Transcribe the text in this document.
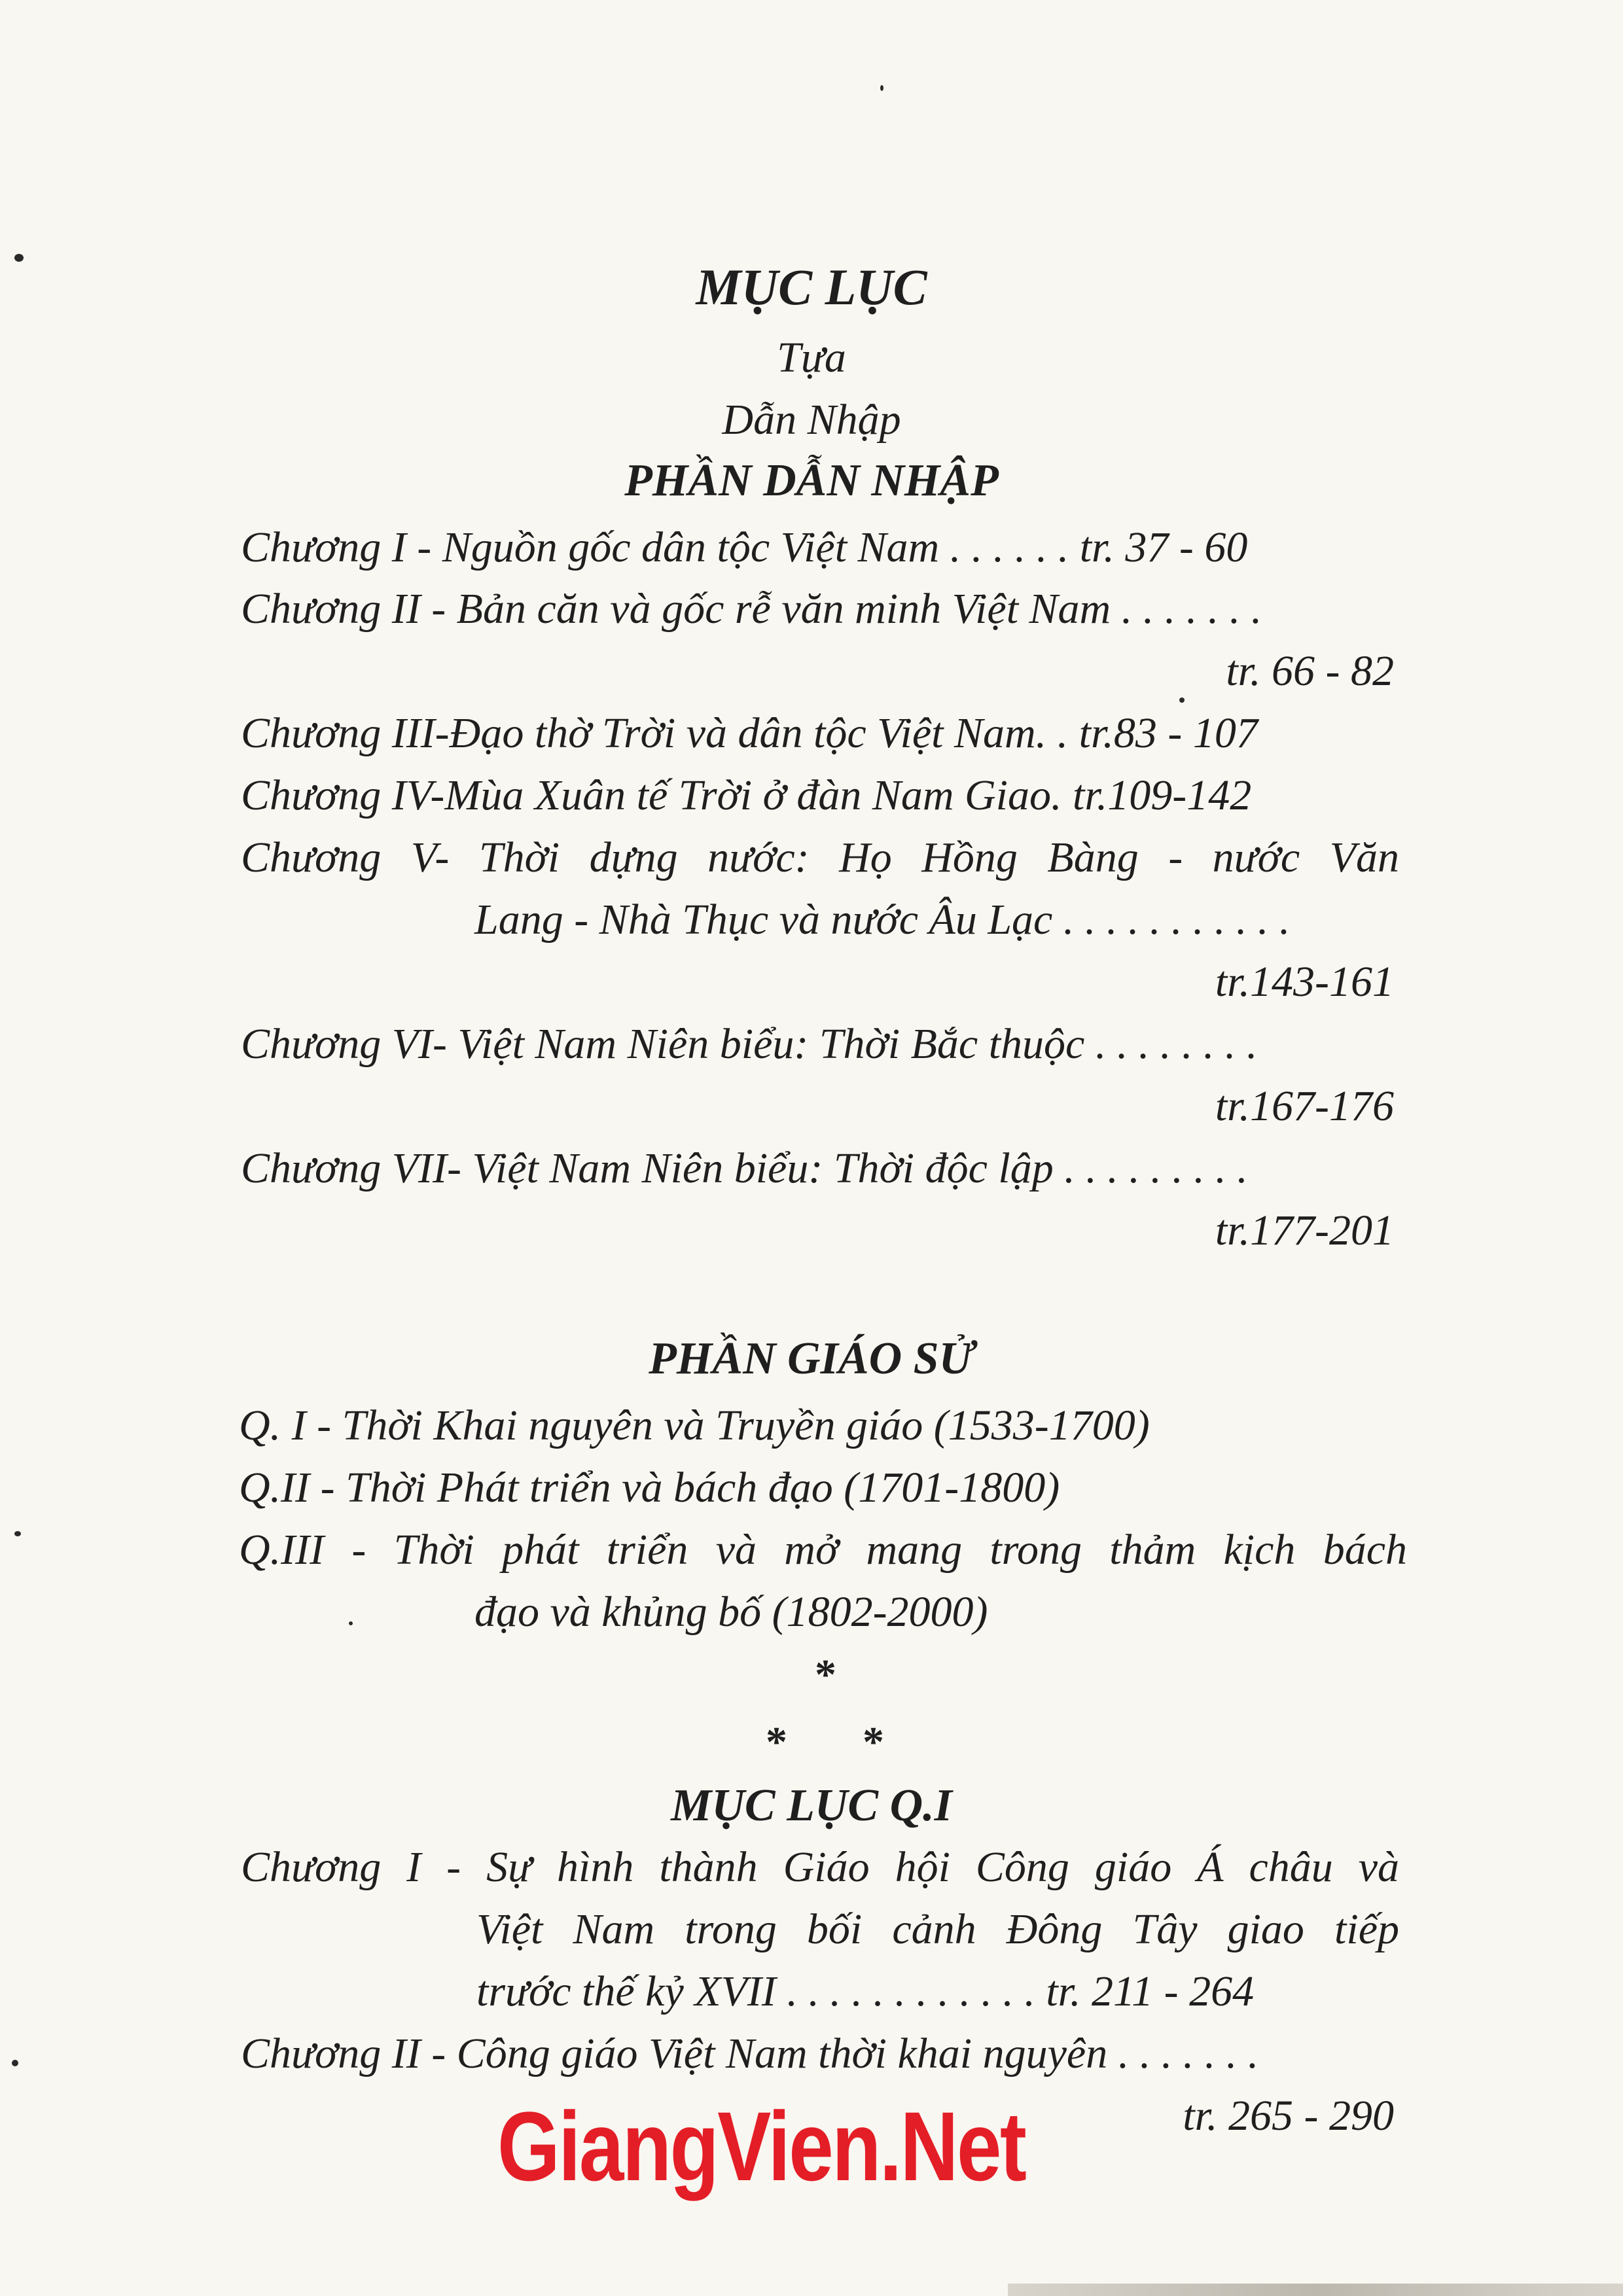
MỤC LỤC
Tựa
Dẫn Nhập
PHẦN DẪN NHẬP
Chương I - Nguồn gốc dân tộc Việt Nam . . . . . . tr. 37 - 60
Chương II - Bản căn và gốc rễ văn minh Việt Nam . . . . . . .
tr. 66 - 82
Chương III-Đạo thờ Trời và dân tộc Việt Nam. . tr.83 - 107
Chương IV-Mùa Xuân tế Trời ở đàn Nam Giao. tr.109-142
Chương V- Thời dựng nước: Họ Hồng Bàng - nước Văn
Lang - Nhà Thục và nước Âu Lạc . . . . . . . . . . .
tr.143-161
Chương VI- Việt Nam Niên biểu: Thời Bắc thuộc . . . . . . . .
tr.167-176
Chương VII- Việt Nam Niên biểu: Thời độc lập . . . . . . . . .
tr.177-201
PHẦN GIÁO SỬ
Q. I - Thời Khai nguyên và Truyền giáo (1533-1700)
Q.II - Thời Phát triển và bách đạo (1701-1800)
Q.III - Thời phát triển và mở mang trong thảm kịch bách
đạo và khủng bố (1802-2000)
*
* *
MỤC LỤC Q.I
Chương I - Sự hình thành Giáo hội Công giáo Á châu và
Việt Nam trong bối cảnh Đông Tây giao tiếp
trước thế kỷ XVII . . . . . . . . . . . . tr. 211 - 264
Chương II - Công giáo Việt Nam thời khai nguyên . . . . . . .
tr. 265 - 290
GiangVien.Net
